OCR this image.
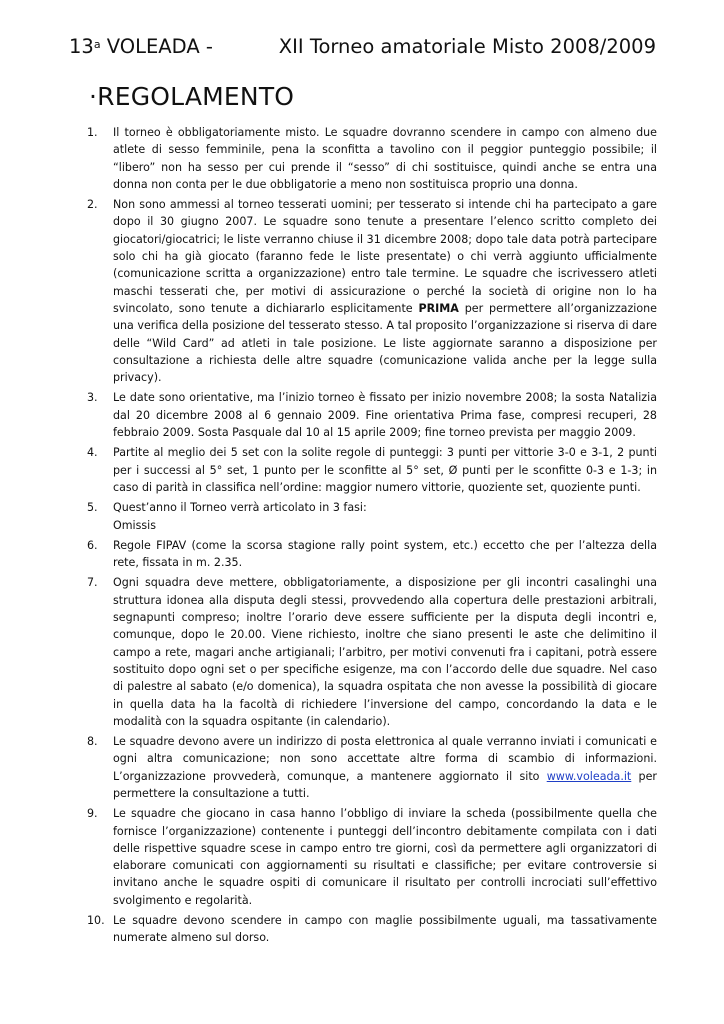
13$^a$ VOLEADA -	XII Torneo amatoriale Misto 2008/2009
·REGOLAMENTO
1.	Il torneo è obbligatoriamente misto. Le squadre dovranno scendere in campo con almeno due atlete di sesso femminile, pena la sconfitta a tavolino con il peggior punteggio possibile; il “libero” non ha sesso per cui prende il “sesso” di chi sostituisce, quindi anche se entra una donna non conta per le due obbligatorie a meno non sostituisca proprio una donna.
2.	Non sono ammessi al torneo tesserati uomini; per tesserato si intende chi ha partecipato a gare dopo il 30 giugno 2007. Le squadre sono tenute a presentare l’elenco scritto completo dei giocatori/giocatrici; le liste verranno chiuse il 31 dicembre 2008; dopo tale data potrà partecipare solo chi ha già giocato (faranno fede le liste presentate) o chi verrà aggiunto ufficialmente (comunicazione scritta a organizzazione) entro tale termine. Le squadre che iscrivessero atleti maschi tesserati che, per motivi di assicurazione o perché la società di origine non lo ha svincolato, sono tenute a dichiararlo esplicitamente PRIMA per permettere all’organizzazione una verifica della posizione del tesserato stesso. A tal proposito l’organizzazione si riserva di dare delle “Wild Card” ad atleti in tale posizione. Le liste aggiornate saranno a disposizione per consultazione a richiesta delle altre squadre (comunicazione valida anche per la legge sulla privacy).
3.	Le date sono orientative, ma l’inizio torneo è fissato per inizio novembre 2008; la sosta Natalizia dal 20 dicembre 2008 al 6 gennaio 2009. Fine orientativa Prima fase, compresi recuperi, 28 febbraio 2009. Sosta Pasquale dal 10 al 15 aprile 2009; fine torneo prevista per maggio 2009.
4.	Partite al meglio dei 5 set con la solite regole di punteggi: 3 punti per vittorie 3-0 e 3-1, 2 punti per i successi al 5° set, 1 punto per le sconfitte al 5° set, Ø punti per le sconfitte 0-3 e 1-3; in caso di parità in classifica nell’ordine: maggior numero vittorie, quoziente set, quoziente punti.
5.	Quest’anno il Torneo verrà articolato in 3 fasi:
Omissis
6.	Regole FIPAV (come la scorsa stagione rally point system, etc.) eccetto che per l’altezza della rete, fissata in m. 2.35.
7.	Ogni squadra deve mettere, obbligatoriamente, a disposizione per gli incontri casalinghi una struttura idonea alla disputa degli stessi, provvedendo alla copertura delle prestazioni arbitrali, segnapunti compreso; inoltre l’orario deve essere sufficiente per la disputa degli incontri e, comunque, dopo le 20.00. Viene richiesto, inoltre che siano presenti le aste che delimitino il campo a rete, magari anche artigianali; l’arbitro, per motivi convenuti fra i capitani, potrà essere sostituito dopo ogni set o per specifiche esigenze, ma con l’accordo delle due squadre. Nel caso di palestre al sabato (e/o domenica), la squadra ospitata che non avesse la possibilità di giocare in quella data ha la facoltà di richiedere l’inversione del campo, concordando la data e le modalità con la squadra ospitante (in calendario).
8.	Le squadre devono avere un indirizzo di posta elettronica al quale verranno inviati i comunicati e ogni altra comunicazione; non sono accettate altre forma di scambio di informazioni. L’organizzazione provvederà, comunque, a mantenere aggiornato il sito www.voleada.it per permettere la consultazione a tutti.
9.	Le squadre che giocano in casa hanno l’obbligo di inviare la scheda (possibilmente quella che fornisce l’organizzazione) contenente i punteggi dell’incontro debitamente compilata con i dati delle rispettive squadre scese in campo entro tre giorni, così da permettere agli organizzatori di elaborare comunicati con aggiornamenti su risultati e classifiche; per evitare controversie si invitano anche le squadre ospiti di comunicare il risultato per controlli incrociati sull’effettivo svolgimento e regolarità.
10. Le squadre devono scendere in campo con maglie possibilmente uguali, ma tassativamente numerate almeno sul dorso.
